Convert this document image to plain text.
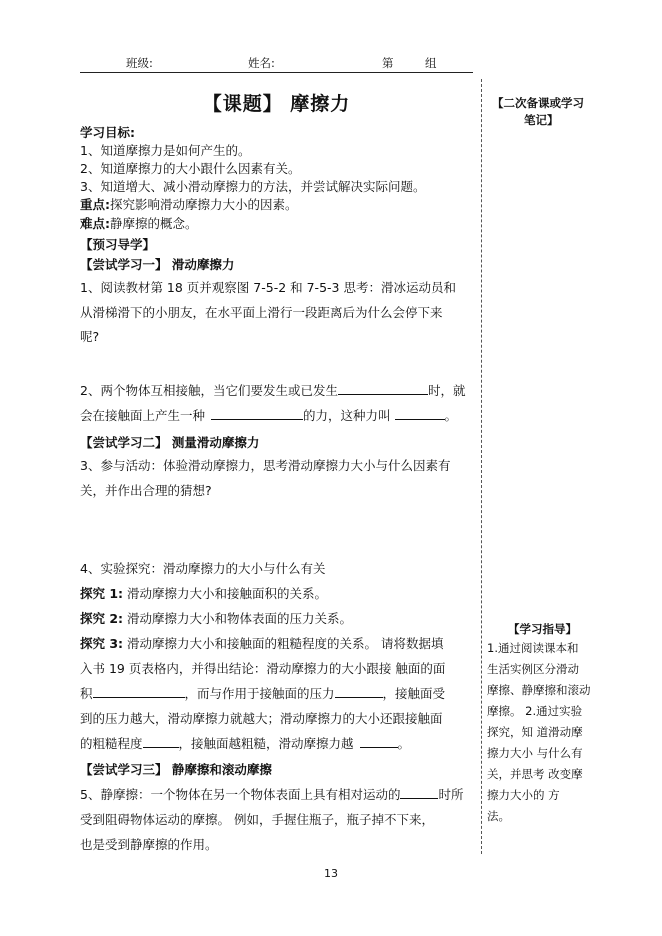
班级:	姓名:	第	组
【课题】 摩擦力
学习目标:
1、知道摩擦力是如何产生的。
2、知道摩擦力的大小跟什么因素有关。
3、知道增大、减小滑动摩擦力的方法，并尝试解决实际问题。
重点:探究影响滑动摩擦力大小的因素。
难点:静摩擦的概念。
【预习导学】
【尝试学习一】 滑动摩擦力
1、阅读教材第 18 页并观察图 7-5-2 和 7-5-3 思考：滑冰运动员和
从滑梯滑下的小朋友，在水平面上滑行一段距离后为什么会停下来
呢?
2、两个物体互相接触，当它们要发生或已发生	时，就
会在接触面上产生一种	的力，这种力叫	。
【尝试学习二】 测量滑动摩擦力
3、参与活动：体验滑动摩擦力，思考滑动摩擦力大小与什么因素有
关，并作出合理的猜想?
4、实验探究：滑动摩擦力的大小与什么有关
探究 1: 滑动摩擦力大小和接触面积的关系。
探究 2: 滑动摩擦力大小和物体表面的压力关系。
探究 3: 滑动摩擦力大小和接触面的粗糙程度的关系。 请将数据填
入书 19 页表格内，并得出结论：滑动摩擦力的大小跟接 触面的面
积	，而与作用于接触面的压力	，接触面受
到的压力越大，滑动摩擦力就越大；滑动摩擦力的大小还跟接触面
的粗糙程度	，接触面越粗糙，滑动摩擦力越	。
【尝试学习三】 静摩擦和滚动摩擦
5、静摩擦：一个物体在另一个物体表面上具有相对运动的	时所
受到阻碍物体运动的摩擦。 例如，手握住瓶子，瓶子掉不下来，
也是受到静摩擦的作用。
【二次备课或学习
笔记】
【学习指导】
1.通过阅读课本和
生活实例区分滑动
摩擦、静摩擦和滚动
摩擦。 2.通过实验
探究，知 道滑动摩
擦力大小 与什么有
关，并思考 改变摩
擦力大小的 方
法。
13
